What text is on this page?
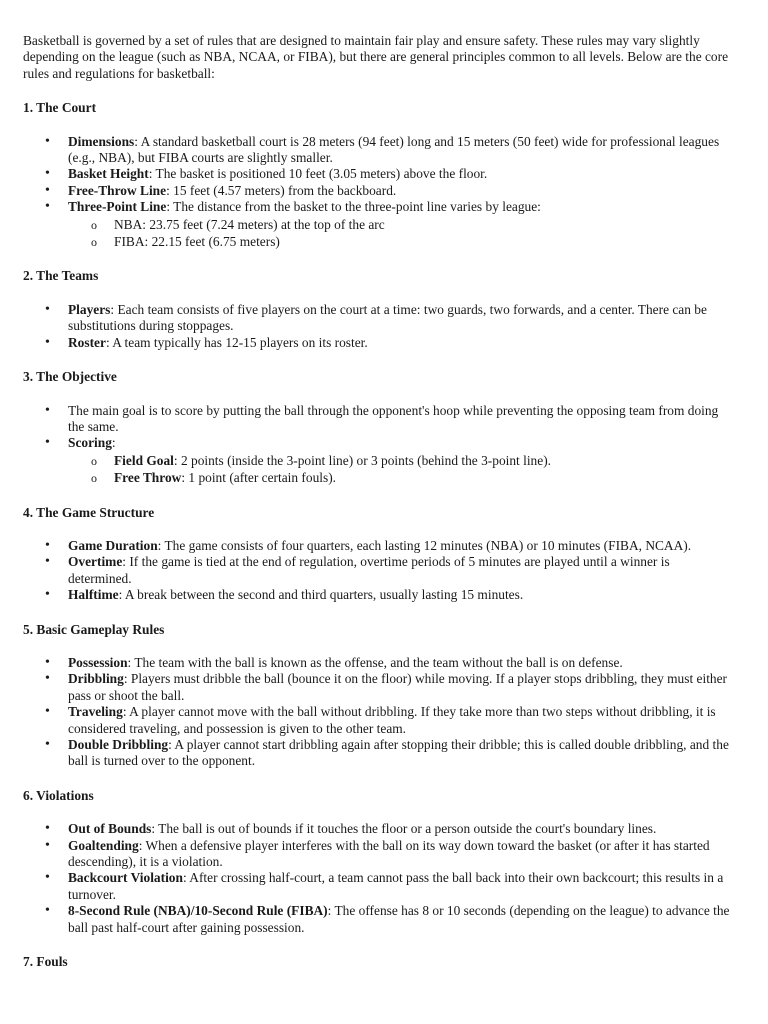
Basketball is governed by a set of rules that are designed to maintain fair play and ensure safety. These rules may vary slightly depending on the league (such as NBA, NCAA, or FIBA), but there are general principles common to all levels. Below are the core rules and regulations for basketball:

1. The Court
• Dimensions: A standard basketball court is 28 meters (94 feet) long and 15 meters (50 feet) wide for professional leagues (e.g., NBA), but FIBA courts are slightly smaller.
• Basket Height: The basket is positioned 10 feet (3.05 meters) above the floor.
• Free-Throw Line: 15 feet (4.57 meters) from the backboard.
• Three-Point Line: The distance from the basket to the three-point line varies by league:
o NBA: 23.75 feet (7.24 meters) at the top of the arc
o FIBA: 22.15 feet (6.75 meters)
2. The Teams
• Players: Each team consists of five players on the court at a time: two guards, two forwards, and a center. There can be substitutions during stoppages.
• Roster: A team typically has 12-15 players on its roster.
3. The Objective
• The main goal is to score by putting the ball through the opponent's hoop while preventing the opposing team from doing the same.
• Scoring:
o Field Goal: 2 points (inside the 3-point line) or 3 points (behind the 3-point line).
o Free Throw: 1 point (after certain fouls).
4. The Game Structure
• Game Duration: The game consists of four quarters, each lasting 12 minutes (NBA) or 10 minutes (FIBA, NCAA).
• Overtime: If the game is tied at the end of regulation, overtime periods of 5 minutes are played until a winner is determined.
• Halftime: A break between the second and third quarters, usually lasting 15 minutes.
5. Basic Gameplay Rules
• Possession: The team with the ball is known as the offense, and the team without the ball is on defense.
• Dribbling: Players must dribble the ball (bounce it on the floor) while moving. If a player stops dribbling, they must either pass or shoot the ball.
• Traveling: A player cannot move with the ball without dribbling. If they take more than two steps without dribbling, it is considered traveling, and possession is given to the other team.
• Double Dribbling: A player cannot start dribbling again after stopping their dribble; this is called double dribbling, and the ball is turned over to the opponent.
6. Violations
• Out of Bounds: The ball is out of bounds if it touches the floor or a person outside the court's boundary lines.
• Goaltending: When a defensive player interferes with the ball on its way down toward the basket (or after it has started descending), it is a violation.
• Backcourt Violation: After crossing half-court, a team cannot pass the ball back into their own backcourt; this results in a turnover.
• 8-Second Rule (NBA)/10-Second Rule (FIBA): The offense has 8 or 10 seconds (depending on the league) to advance the ball past half-court after gaining possession.
7. Fouls
